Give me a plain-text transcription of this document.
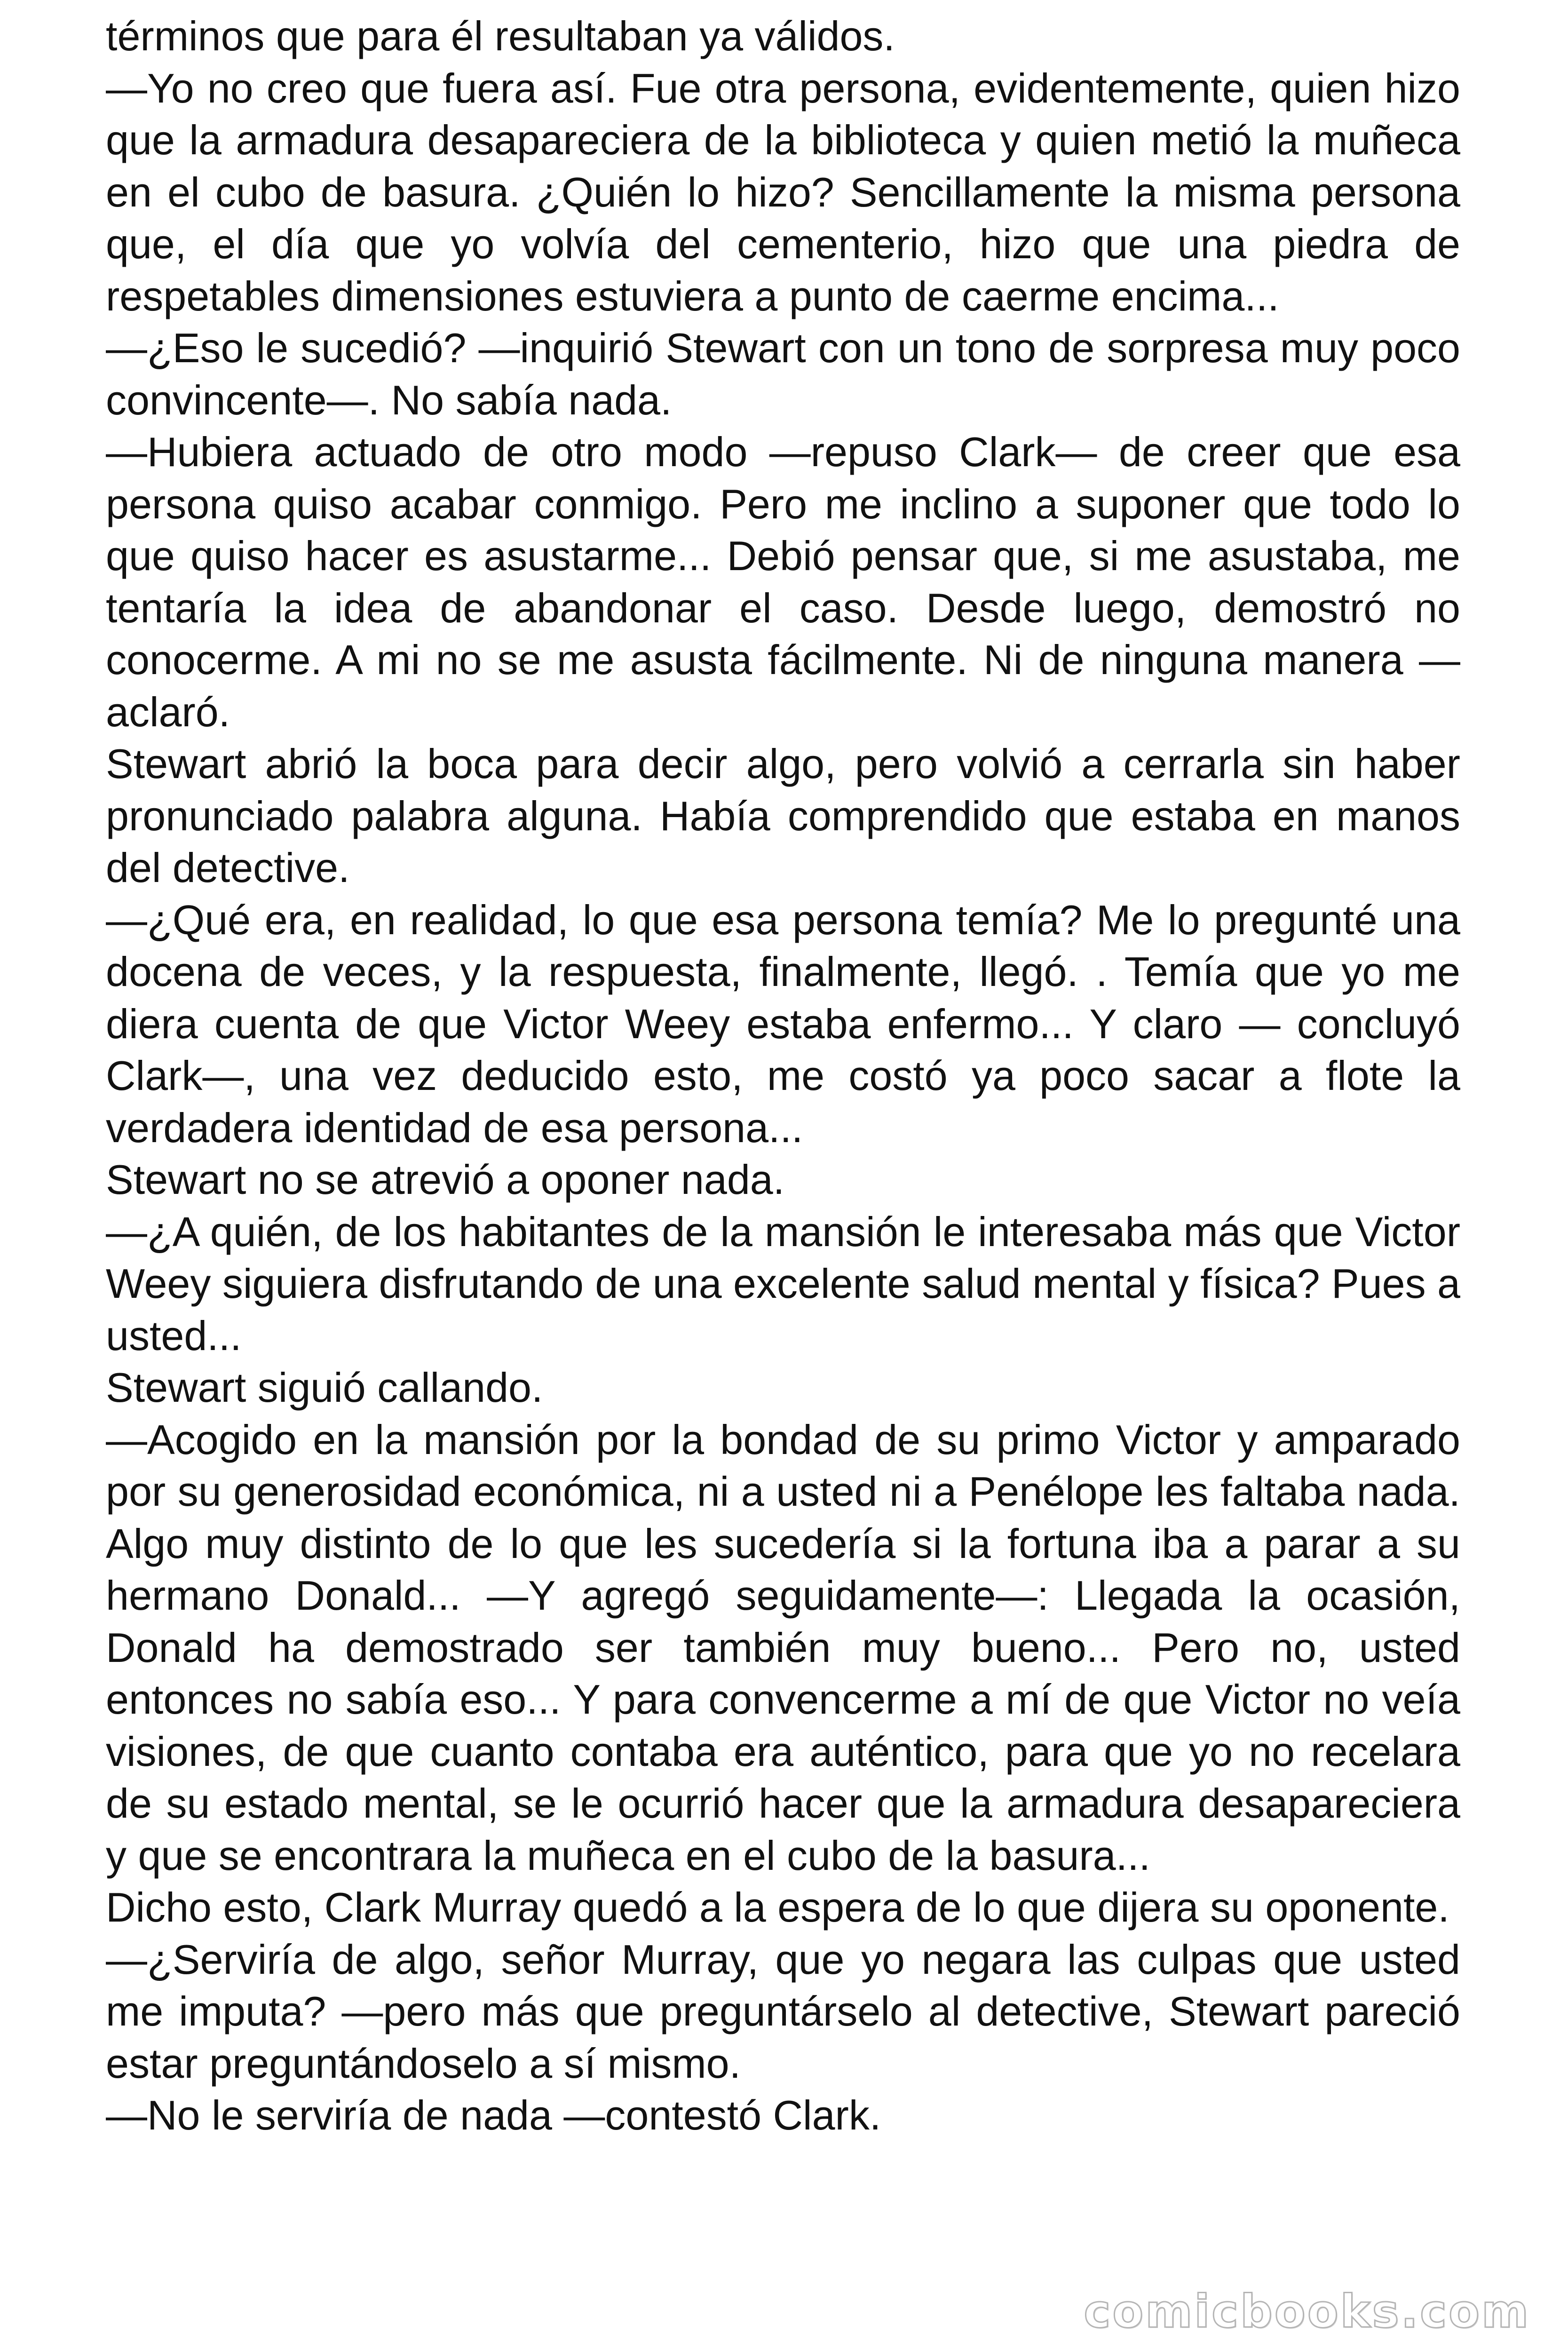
términos que para él resultaban ya válidos.

—Yo no creo que fuera así. Fue otra persona, evidentemente, quien hizo que la armadura desapareciera de la biblioteca y quien metió la muñeca en el cubo de basura. ¿Quién lo hizo? Sencillamente la misma persona que, el día que yo volvía del cementerio, hizo que una piedra de respetables dimensiones estuviera a punto de caerme encima...

—¿Eso le sucedió? —inquirió Stewart con un tono de sorpresa muy poco convincente—. No sabía nada.

—Hubiera actuado de otro modo —repuso Clark— de creer que esa persona quiso acabar conmigo. Pero me inclino a suponer que todo lo que quiso hacer es asustarme... Debió pensar que, si me asustaba, me tentaría la idea de abandonar el caso. Desde luego, demostró no conocerme. A mi no se me asusta fácilmente. Ni de ninguna manera —aclaró.

Stewart abrió la boca para decir algo, pero volvió a cerrarla sin haber pronunciado palabra alguna. Había comprendido que estaba en manos del detective.

—¿Qué era, en realidad, lo que esa persona temía? Me lo pregunté una docena de veces, y la respuesta, finalmente, llegó. . Temía que yo me diera cuenta de que Victor Weey estaba enfermo... Y claro — concluyó Clark—, una vez deducido esto, me costó ya poco sacar a flote la verdadera identidad de esa persona...

Stewart no se atrevió a oponer nada.

—¿A quién, de los habitantes de la mansión le interesaba más que Victor Weey siguiera disfrutando de una excelente salud mental y física? Pues a usted...

Stewart siguió callando.

—Acogido en la mansión por la bondad de su primo Victor y amparado por su generosidad económica, ni a usted ni a Penélope les faltaba nada. Algo muy distinto de lo que les sucedería si la fortuna iba a parar a su hermano Donald... —Y agregó seguidamente—: Llegada la ocasión, Donald ha demostrado ser también muy bueno... Pero no, usted entonces no sabía eso... Y para convencerme a mí de que Victor no veía visiones, de que cuanto contaba era auténtico, para que yo no recelara de su estado mental, se le ocurrió hacer que la armadura desapareciera y que se encontrara la muñeca en el cubo de la basura...

Dicho esto, Clark Murray quedó a la espera de lo que dijera su oponente.

—¿Serviría de algo, señor Murray, que yo negara las culpas que usted me imputa? —pero más que preguntárselo al detective, Stewart pareció estar preguntándoselo a sí mismo.

—No le serviría de nada —contestó Clark.

comicbooks.com
